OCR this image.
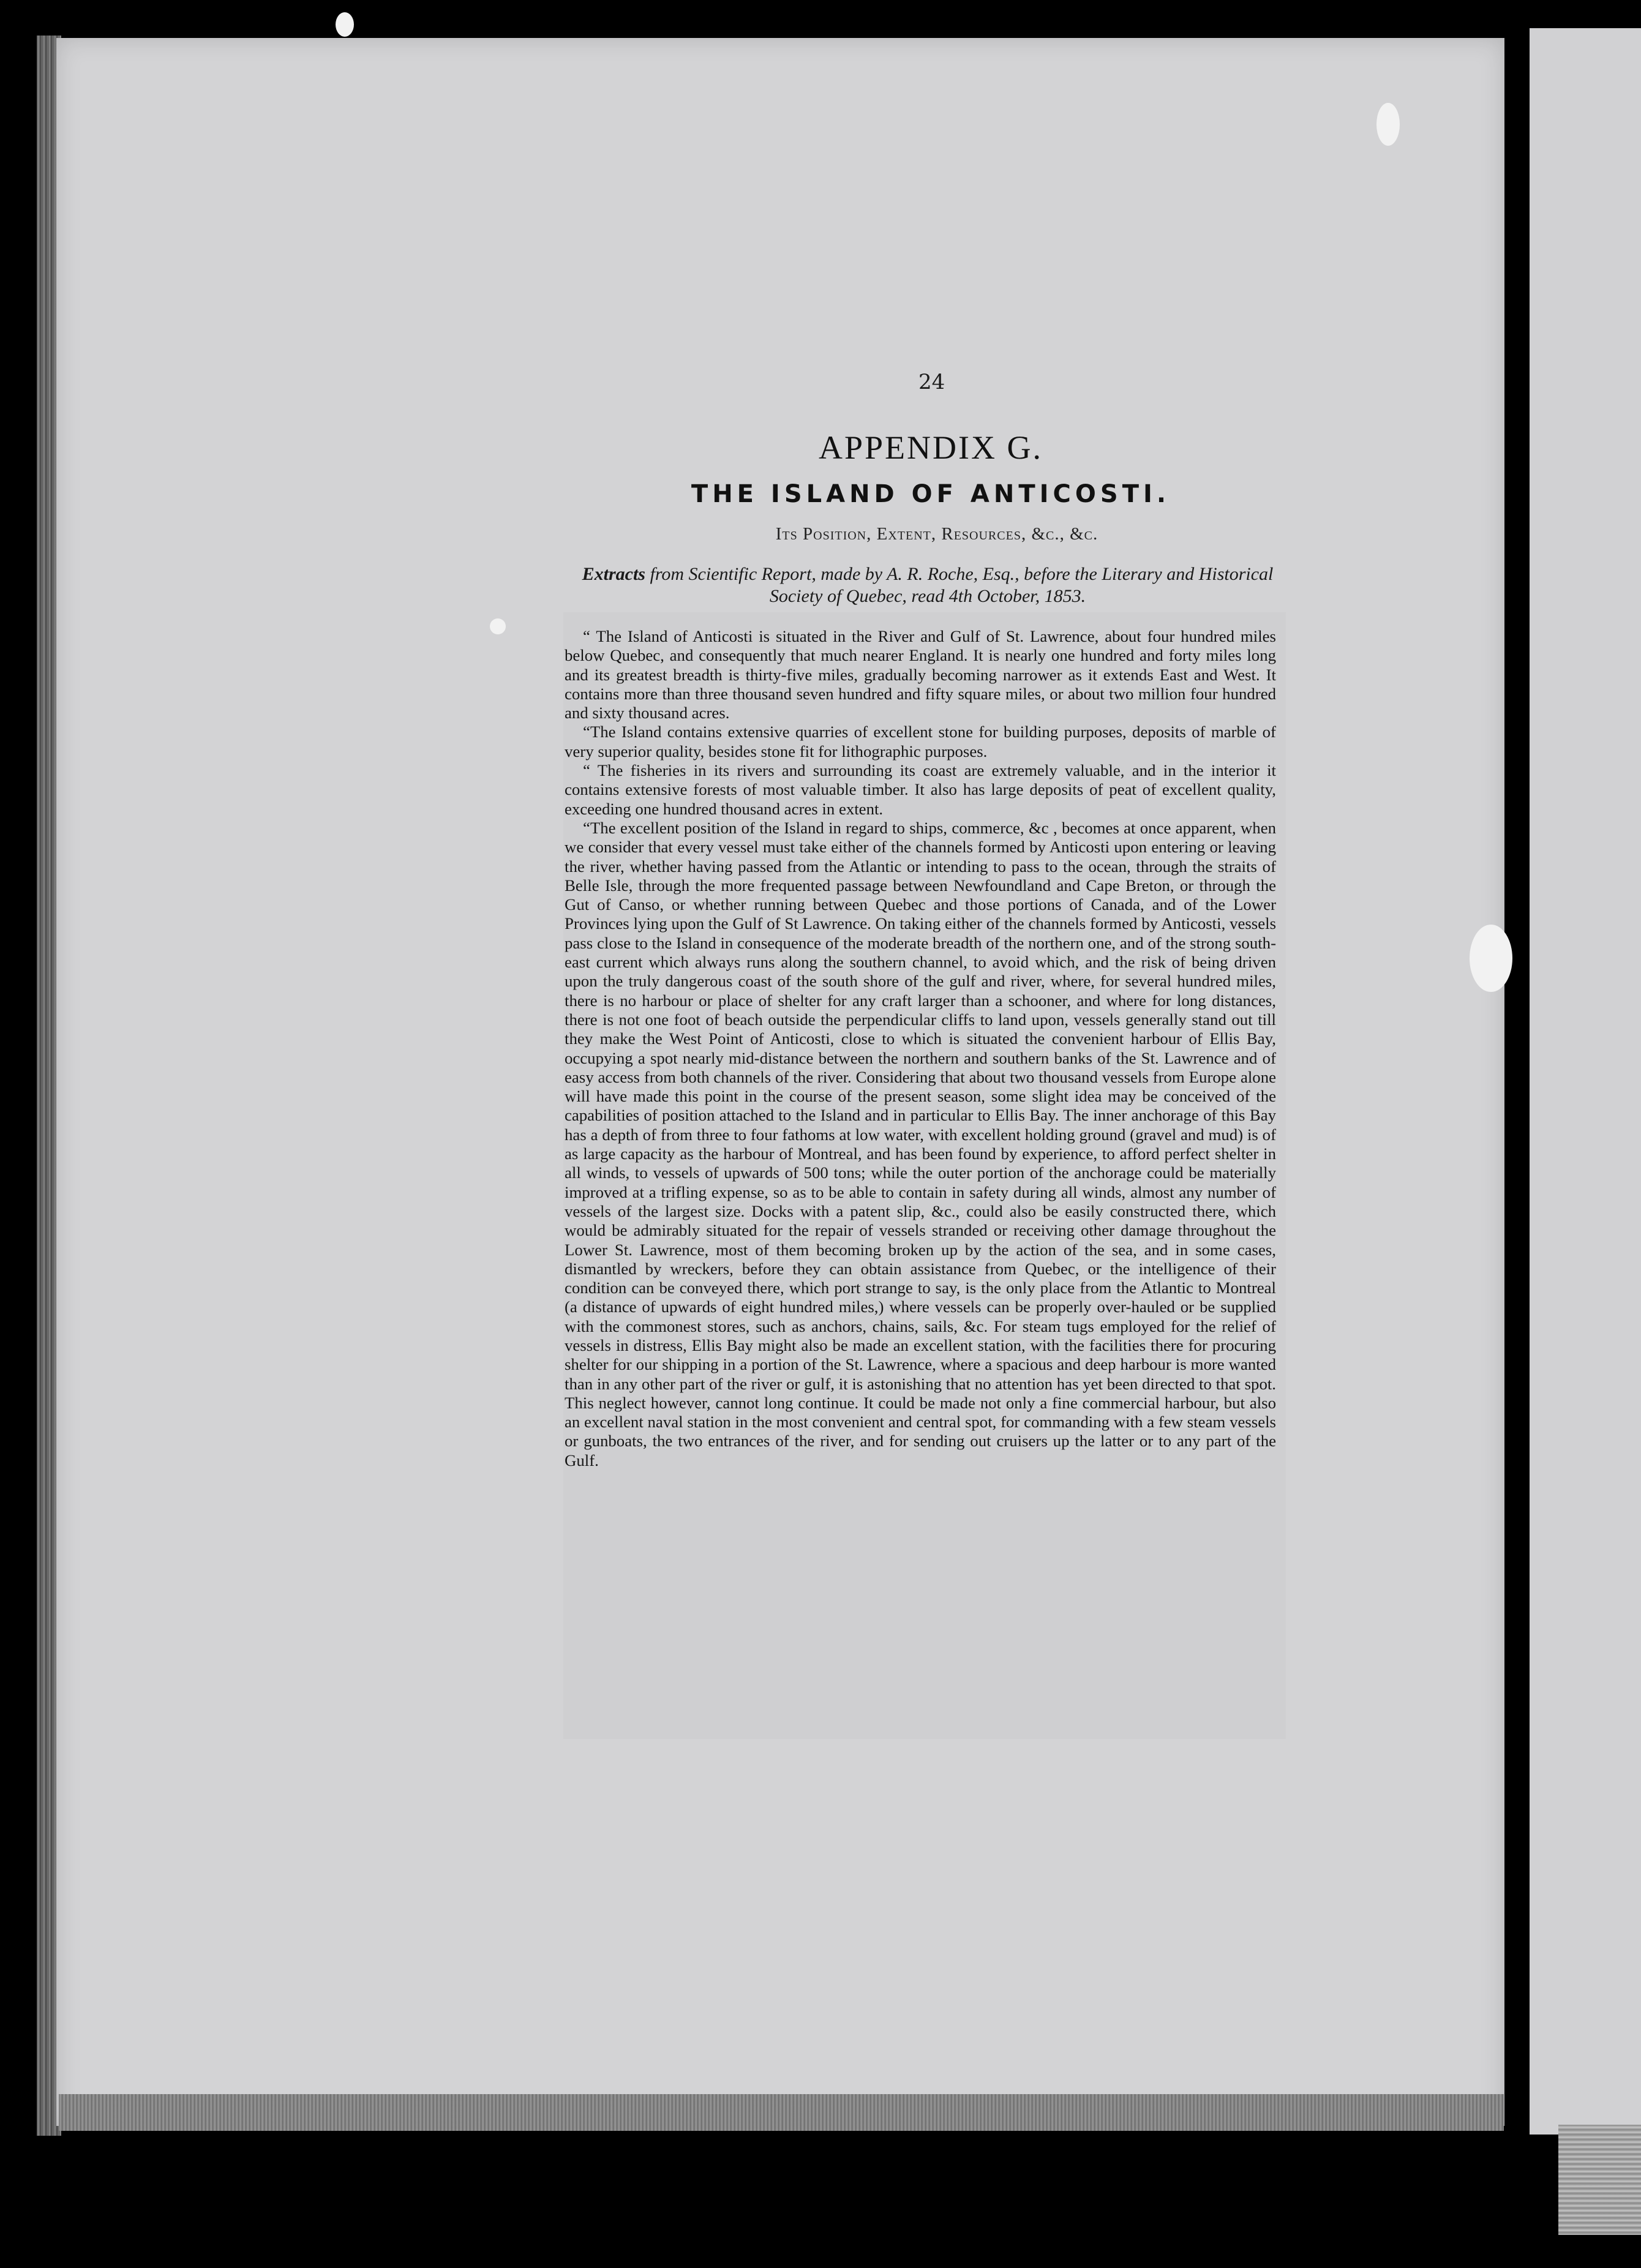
24
APPENDIX G.
THE ISLAND OF ANTICOSTI.
Its Position, Extent, Resources, &c., &c.
Extracts from Scientific Report, made by A. R. Roche, Esq., before the Literary and Historical Society of Quebec, read 4th October, 1853.

“ The Island of Anticosti is situated in the River and Gulf of St. Lawrence, about four hundred miles below Quebec, and consequently that much nearer England. It is nearly one hundred and forty miles long and its greatest breadth is thirty-five miles, gradually becoming narrower as it extends East and West. It contains more than three thousand seven hundred and fifty square miles, or about two million four hundred and sixty thousand acres.

“The Island contains extensive quarries of excellent stone for building purposes, deposits of marble of very superior quality, besides stone fit for lithographic purposes.

“ The fisheries in its rivers and surrounding its coast are extremely valuable, and in the interior it contains extensive forests of most valuable timber. It also has large deposits of peat of excellent quality, exceeding one hundred thousand acres in extent.

“The excellent position of the Island in regard to ships, commerce, &c , becomes at once apparent, when we consider that every vessel must take either of the channels formed by Anticosti upon entering or leaving the river, whether having passed from the Atlantic or intending to pass to the ocean, through the straits of Belle Isle, through the more frequented passage between Newfoundland and Cape Breton, or through the Gut of Canso, or whether running between Quebec and those portions of Canada, and of the Lower Provinces lying upon the Gulf of St Lawrence. On taking either of the channels formed by Anticosti, vessels pass close to the Island in consequence of the moderate breadth of the northern one, and of the strong south-east current which always runs along the southern channel, to avoid which, and the risk of being driven upon the truly dangerous coast of the south shore of the gulf and river, where, for several hundred miles, there is no harbour or place of shelter for any craft larger than a schooner, and where for long distances, there is not one foot of beach outside the perpendicular cliffs to land upon, vessels generally stand out till they make the West Point of Anticosti, close to which is situated the convenient harbour of Ellis Bay, occupying a spot nearly mid-distance between the northern and southern banks of the St. Lawrence and of easy access from both channels of the river. Considering that about two thousand vessels from Europe alone will have made this point in the course of the present season, some slight idea may be conceived of the capabilities of position attached to the Island and in particular to Ellis Bay. The inner anchorage of this Bay has a depth of from three to four fathoms at low water, with excellent holding ground (gravel and mud) is of as large capacity as the harbour of Montreal, and has been found by experience, to afford perfect shelter in all winds, to vessels of upwards of 500 tons; while the outer portion of the anchorage could be materially improved at a trifling expense, so as to be able to contain in safety during all winds, almost any number of vessels of the largest size. Docks with a patent slip, &c., could also be easily constructed there, which would be admirably situated for the repair of vessels stranded or receiving other damage throughout the Lower St. Lawrence, most of them becoming broken up by the action of the sea, and in some cases, dismantled by wreckers, before they can obtain assistance from Quebec, or the intelligence of their condition can be conveyed there, which port strange to say, is the only place from the Atlantic to Montreal (a distance of upwards of eight hundred miles,) where vessels can be properly over-hauled or be supplied with the commonest stores, such as anchors, chains, sails, &c. For steam tugs employed for the relief of vessels in distress, Ellis Bay might also be made an excellent station, with the facilities there for procuring shelter for our shipping in a portion of the St. Lawrence, where a spacious and deep harbour is more wanted than in any other part of the river or gulf, it is astonishing that no attention has yet been directed to that spot. This neglect however, cannot long continue. It could be made not only a fine commercial harbour, but also an excellent naval station in the most convenient and central spot, for commanding with a few steam vessels or gunboats, the two entrances of the river, and for sending out cruisers up the latter or to any part of the Gulf.
